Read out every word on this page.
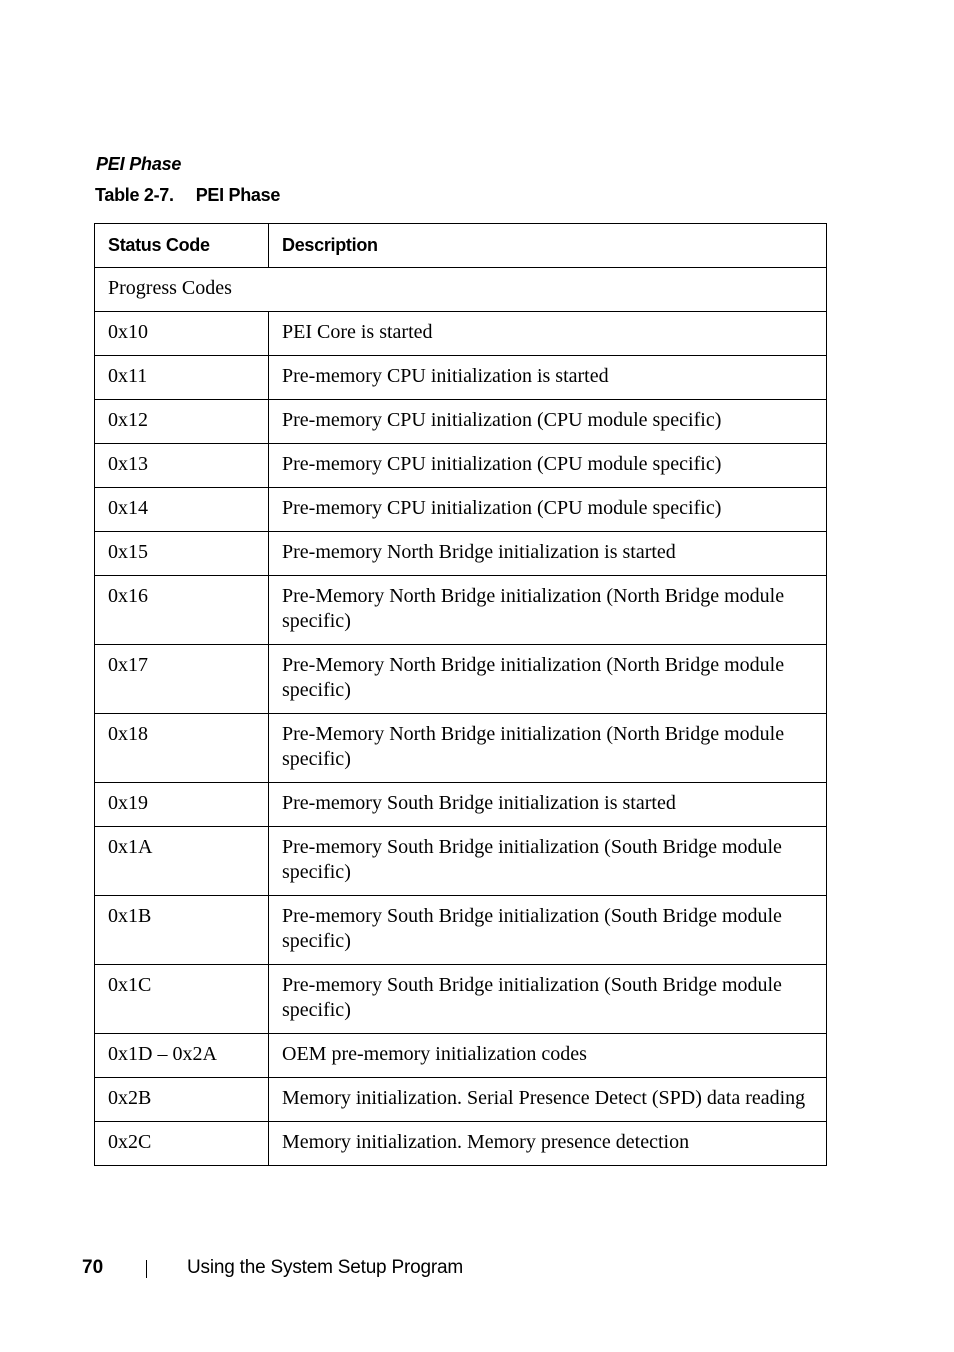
PEI Phase
Table 2-7. PEI Phase
Status Code	Description
Progress Codes	
0x10	PEI Core is started
0x11	Pre-memory CPU initialization is started
0x12	Pre-memory CPU initialization (CPU module specific)
0x13	Pre-memory CPU initialization (CPU module specific)
0x14	Pre-memory CPU initialization (CPU module specific)
0x15	Pre-memory North Bridge initialization is started
0x16	Pre-Memory North Bridge initialization (North Bridge module specific)
0x17	Pre-Memory North Bridge initialization (North Bridge module specific)
0x18	Pre-Memory North Bridge initialization (North Bridge module specific)
0x19	Pre-memory South Bridge initialization is started
0x1A	Pre-memory South Bridge initialization (South Bridge module specific)
0x1B	Pre-memory South Bridge initialization (South Bridge module specific)
0x1C	Pre-memory South Bridge initialization (South Bridge module specific)
0x1D – 0x2A	OEM pre-memory initialization codes
0x2B	Memory initialization. Serial Presence Detect (SPD) data reading
0x2C	Memory initialization. Memory presence detection
70	Using the System Setup Program
